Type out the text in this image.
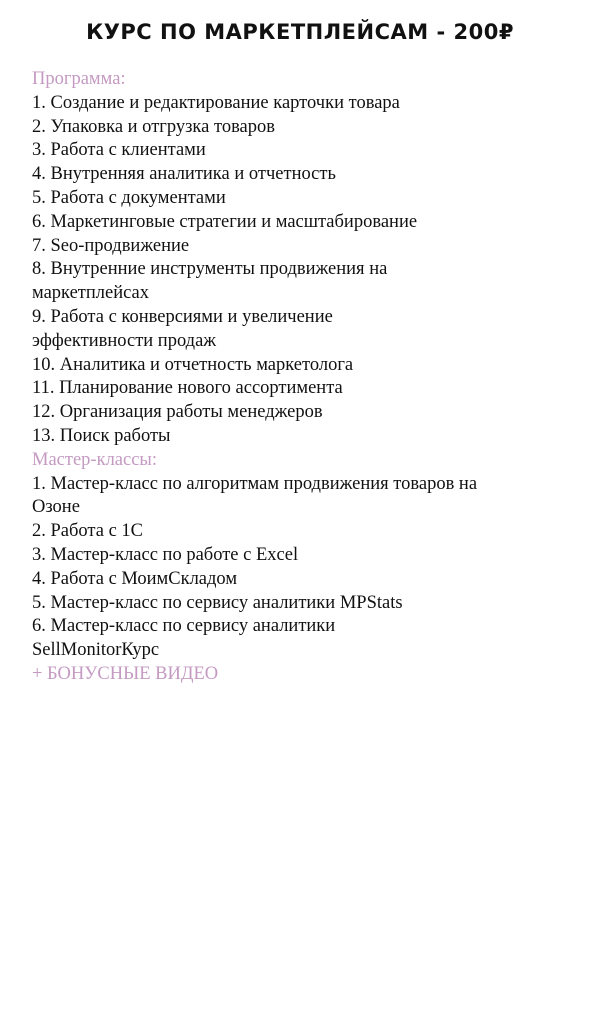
КУРС ПО МАРКЕТПЛЕЙСАМ - 200₽

Программа:

1. Создание и редактирование карточки товара

2. Упаковка и отгрузка товаров

3. Работа с клиентами

4. Внутренняя аналитика и отчетность

5. Работа с документами

6. Маркетинговые стратегии и масштабирование

7. Seo-продвижение

8. Внутренние инструменты продвижения на маркетплейсах

9. Работа с конверсиями и увеличение эффективности продаж

10. Аналитика и отчетность маркетолога

11. Планирование нового ассортимента

12. Организация работы менеджеров

13. Поиск работы

Мастер-классы:

1. Мастер-класс по алгоритмам продвижения товаров на Озоне

2. Работа с 1С

3. Мастер-класс по работе с Excel

4. Работа с МоимСкладом

5. Мастер-класс по сервису аналитики MPStats

6. Мастер-класс по сервису аналитики SellMonitorКурс

+ БОНУСНЫЕ ВИДЕО
